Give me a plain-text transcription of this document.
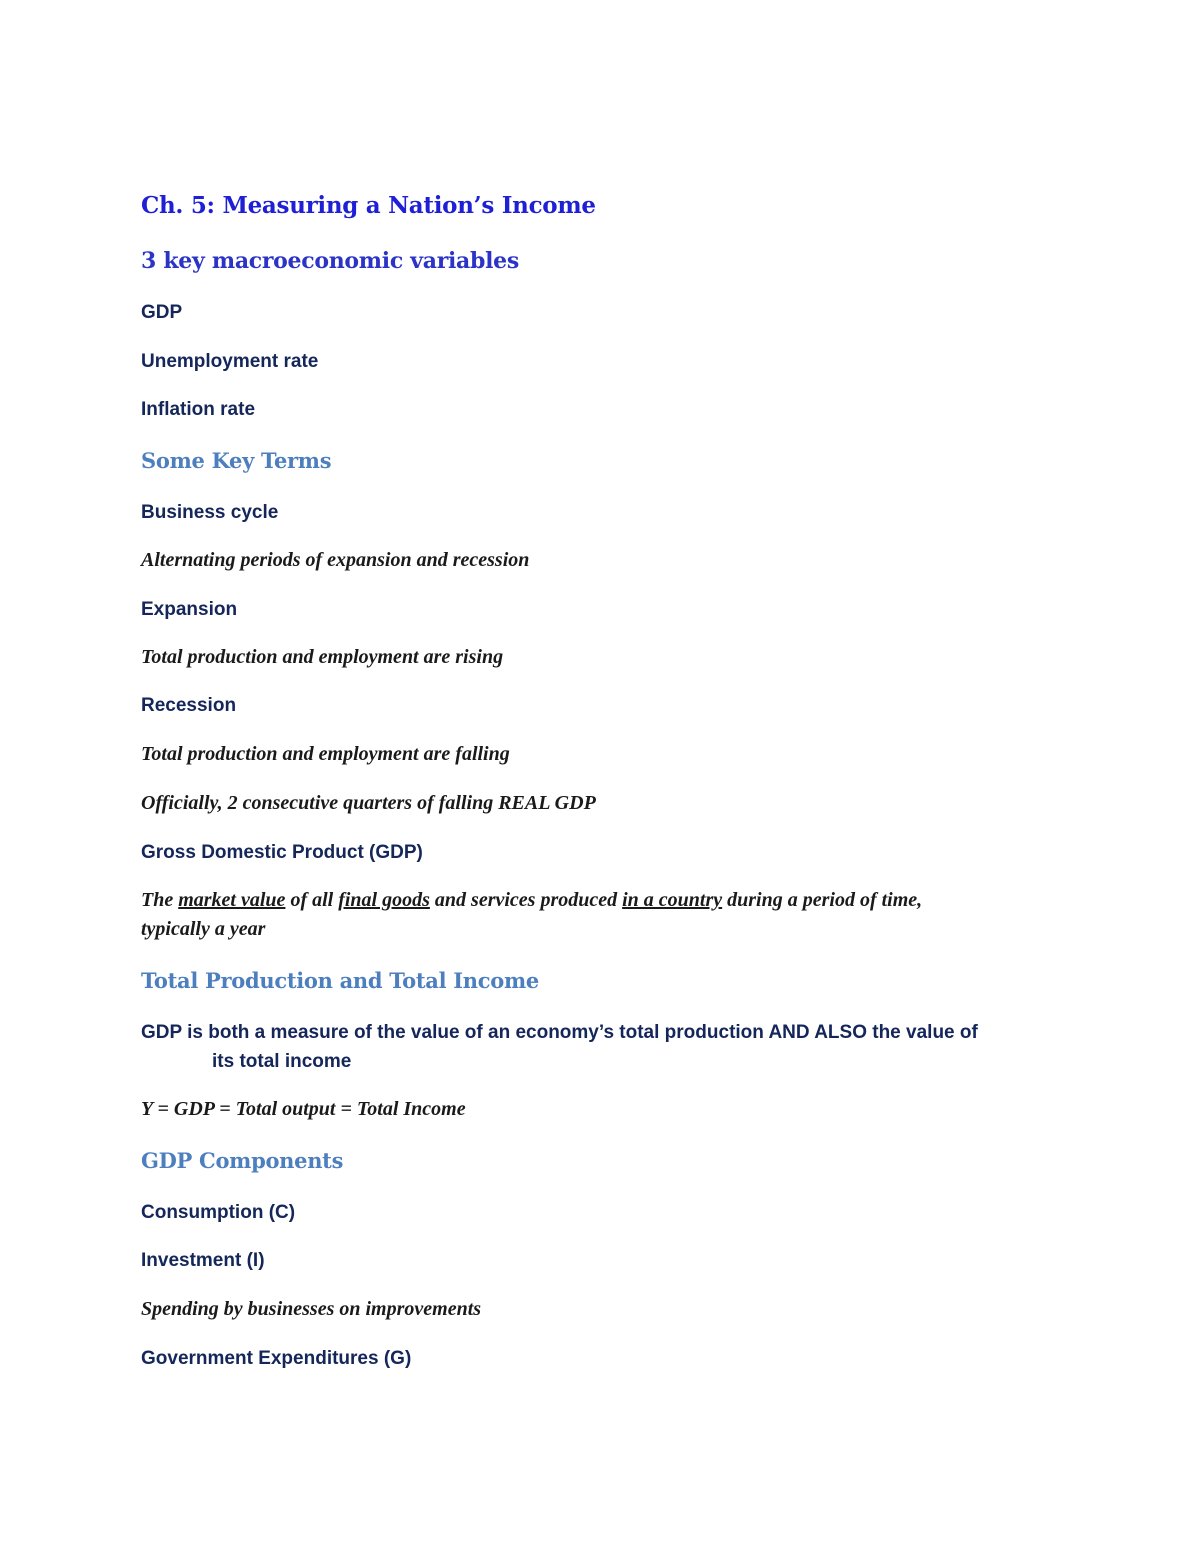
Ch. 5: Measuring a Nation’s Income
3 key macroeconomic variables

GDP

Unemployment rate

Inflation rate

Some Key Terms

Business cycle

Alternating periods of expansion and recession

Expansion

Total production and employment are rising

Recession

Total production and employment are falling

Officially, 2 consecutive quarters of falling REAL GDP

Gross Domestic Product (GDP)

The market value of all final goods and services produced in a country during a period of time,

typically a year

Total Production and Total Income

GDP is both a measure of the value of an economy’s total production AND ALSO the value of

its total income

Y = GDP = Total output = Total Income

GDP Components

Consumption (C)

Investment (I)

Spending by businesses on improvements

Government Expenditures (G)
